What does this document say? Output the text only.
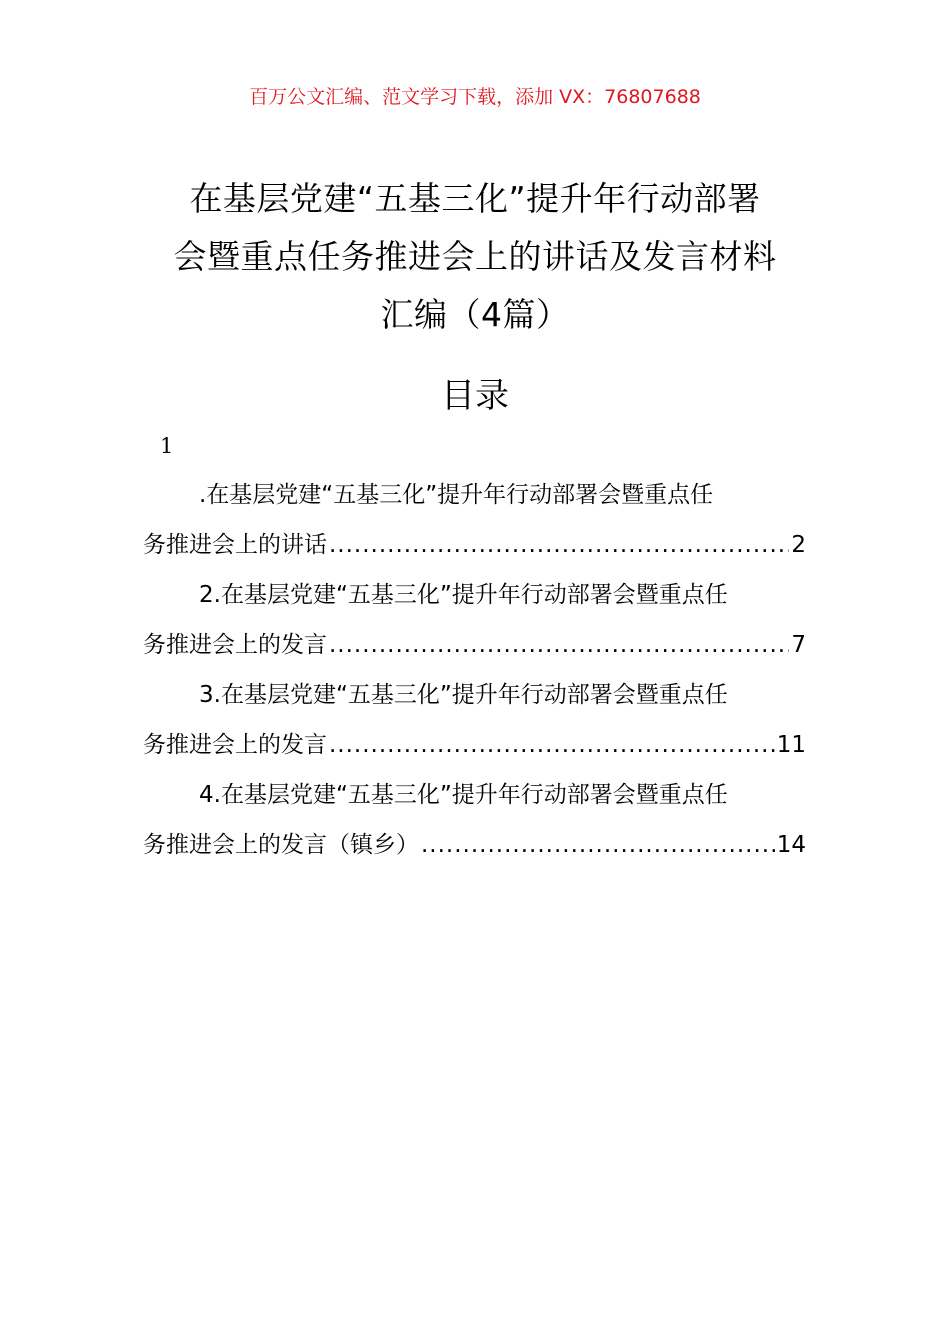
百万公文汇编、范文学习下载，添加 VX：76807688
在基层党建“五基三化”提升年行动部署
会暨重点任务推进会上的讲话及发言材料
汇编（4篇）
目录
1
.在基层党建“五基三化”提升年行动部署会暨重点任
务推进会上的讲话 .....	2
2.在基层党建“五基三化”提升年行动部署会暨重点任
务推进会上的发言 .....	7
3.在基层党建“五基三化”提升年行动部署会暨重点任
务推进会上的发言 .....	11
4.在基层党建“五基三化”提升年行动部署会暨重点任
务推进会上的发言（镇乡） .....	14
